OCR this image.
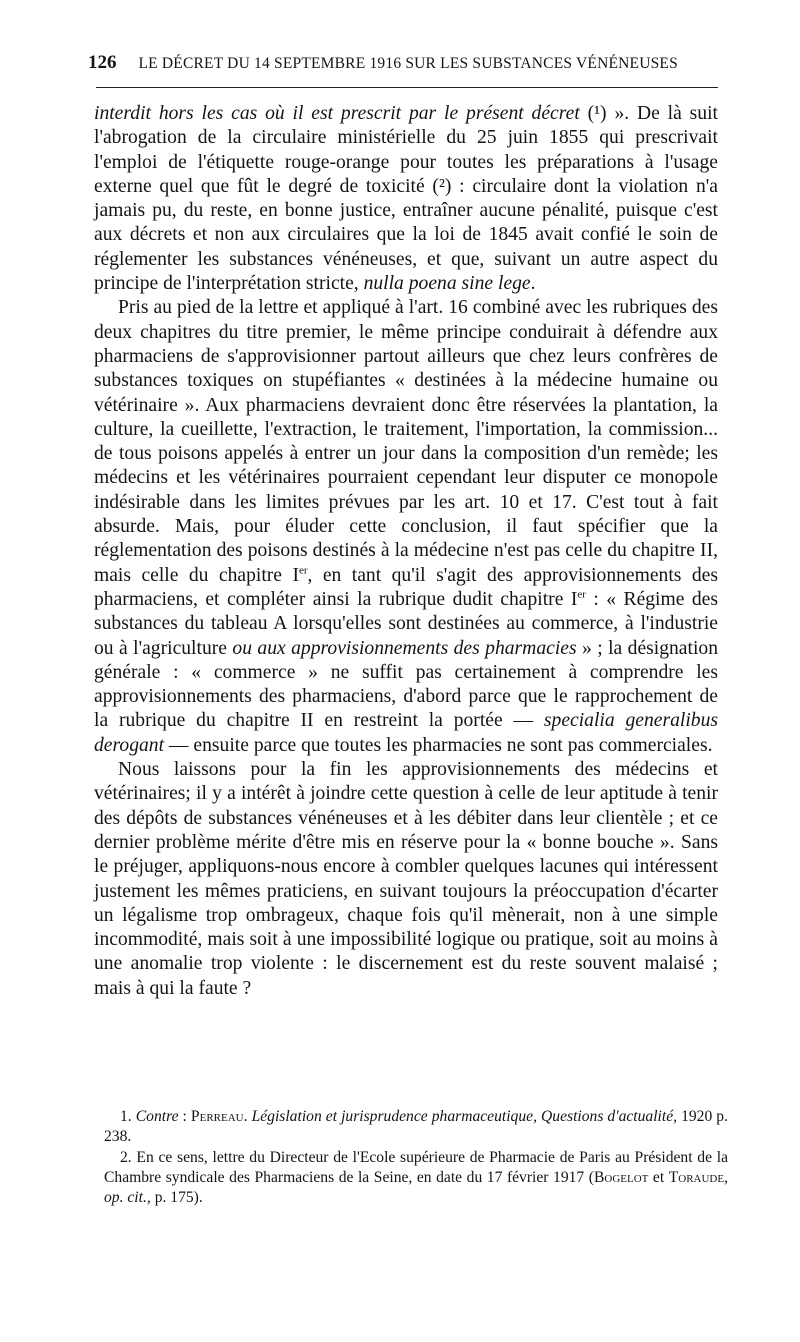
126 LE DÉCRET DU 14 SEPTEMBRE 1916 SUR LES SUBSTANCES VÉNÉNEUSES

interdit hors les cas où il est prescrit par le présent décret (¹) ». De là suit l'abrogation de la circulaire ministérielle du 25 juin 1855 qui prescrivait l'emploi de l'étiquette rouge-orange pour toutes les préparations à l'usage externe quel que fût le degré de toxicité (²) : circulaire dont la violation n'a jamais pu, du reste, en bonne justice, entraîner aucune pénalité, puisque c'est aux décrets et non aux circulaires que la loi de 1845 avait confié le soin de réglementer les substances vénéneuses, et que, suivant un autre aspect du principe de l'interprétation stricte, nulla poena sine lege.

Pris au pied de la lettre et appliqué à l'art. 16 combiné avec les rubriques des deux chapitres du titre premier, le même principe conduirait à défendre aux pharmaciens de s'approvisionner partout ailleurs que chez leurs confrères de substances toxiques on stupéfiantes « destinées à la médecine humaine ou vétérinaire ». Aux pharmaciens devraient donc être réservées la plantation, la culture, la cueillette, l'extraction, le traitement, l'importation, la commission... de tous poisons appelés à entrer un jour dans la composition d'un remède; les médecins et les vétérinaires pourraient cependant leur disputer ce monopole indésirable dans les limites prévues par les art. 10 et 17. C'est tout à fait absurde. Mais, pour éluder cette conclusion, il faut spécifier que la réglementation des poisons destinés à la médecine n'est pas celle du chapitre II, mais celle du chapitre Ier, en tant qu'il s'agit des approvisionnements des pharmaciens, et compléter ainsi la rubrique dudit chapitre Ier : « Régime des substances du tableau A lorsqu'elles sont destinées au commerce, à l'industrie ou à l'agriculture ou aux approvisionnements des pharmacies » ; la désignation générale : « commerce » ne suffit pas certainement à comprendre les approvisionnements des pharmaciens, d'abord parce que le rapprochement de la rubrique du chapitre II en restreint la portée — specialia generalibus derogant — ensuite parce que toutes les pharmacies ne sont pas commerciales.

Nous laissons pour la fin les approvisionnements des médecins et vétérinaires; il y a intérêt à joindre cette question à celle de leur aptitude à tenir des dépôts de substances vénéneuses et à les débiter dans leur clientèle ; et ce dernier problème mérite d'être mis en réserve pour la « bonne bouche ». Sans le préjuger, appliquons-nous encore à combler quelques lacunes qui intéressent justement les mêmes praticiens, en suivant toujours la préoccupation d'écarter un légalisme trop ombrageux, chaque fois qu'il mènerait, non à une simple incommodité, mais soit à une impossibilité logique ou pratique, soit au moins à une anomalie trop violente : le discernement est du reste souvent malaisé ; mais à qui la faute ?

1. Contre : Perreau. Législation et jurisprudence pharmaceutique, Questions d'actualité, 1920 p. 238.

2. En ce sens, lettre du Directeur de l'Ecole supérieure de Pharmacie de Paris au Président de la Chambre syndicale des Pharmaciens de la Seine, en date du 17 février 1917 (Bogelot et Toraude, op. cit., p. 175).
